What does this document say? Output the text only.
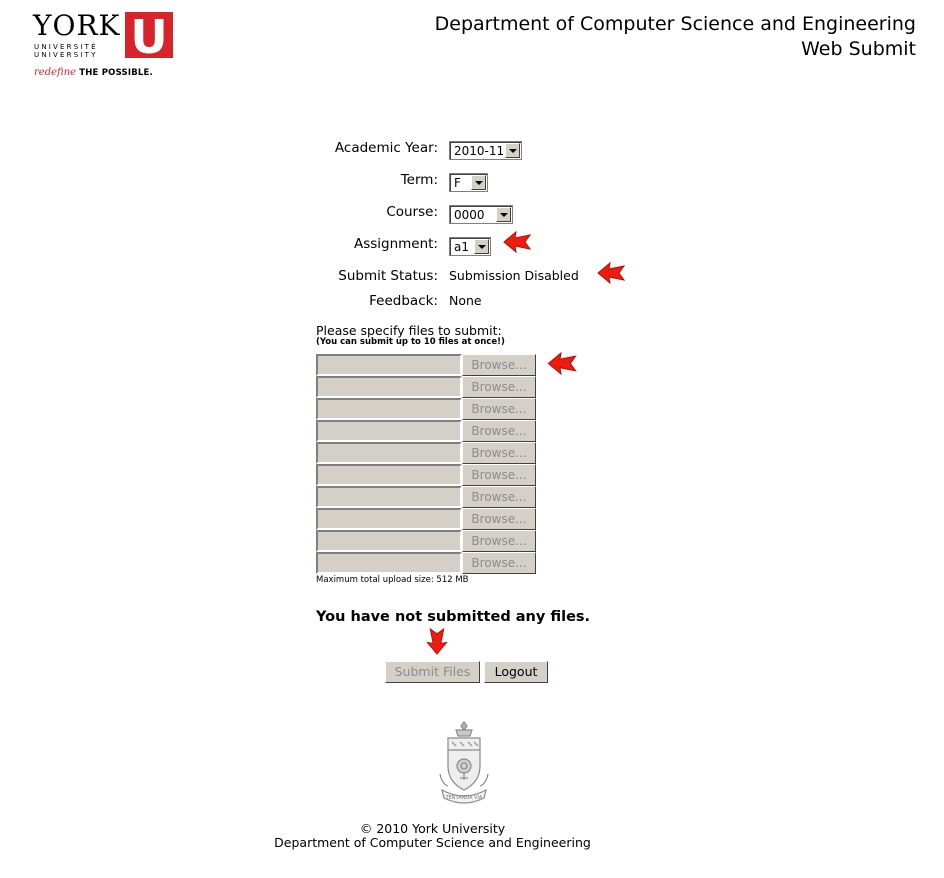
YORK
UNIVERSITÉ
UNIVERSITY U
redefine THE POSSIBLE.
Department of Computer Science and Engineering
Web Submit
Academic Year: 2010-11
Term: F
Course: 0000
Assignment: a1
Submit Status: Submission Disabled
Feedback: None
Please specify files to submit:
(You can submit up to 10 files at once!)
Browse...
Browse...
Browse...
Browse...
Browse...
Browse...
Browse...
Browse...
Browse...
Browse...
Maximum total upload size: 512 MB
You have not submitted any files.
Submit Files	Logout
TENTANDA VIA
© 2010 York University
Department of Computer Science and Engineering
